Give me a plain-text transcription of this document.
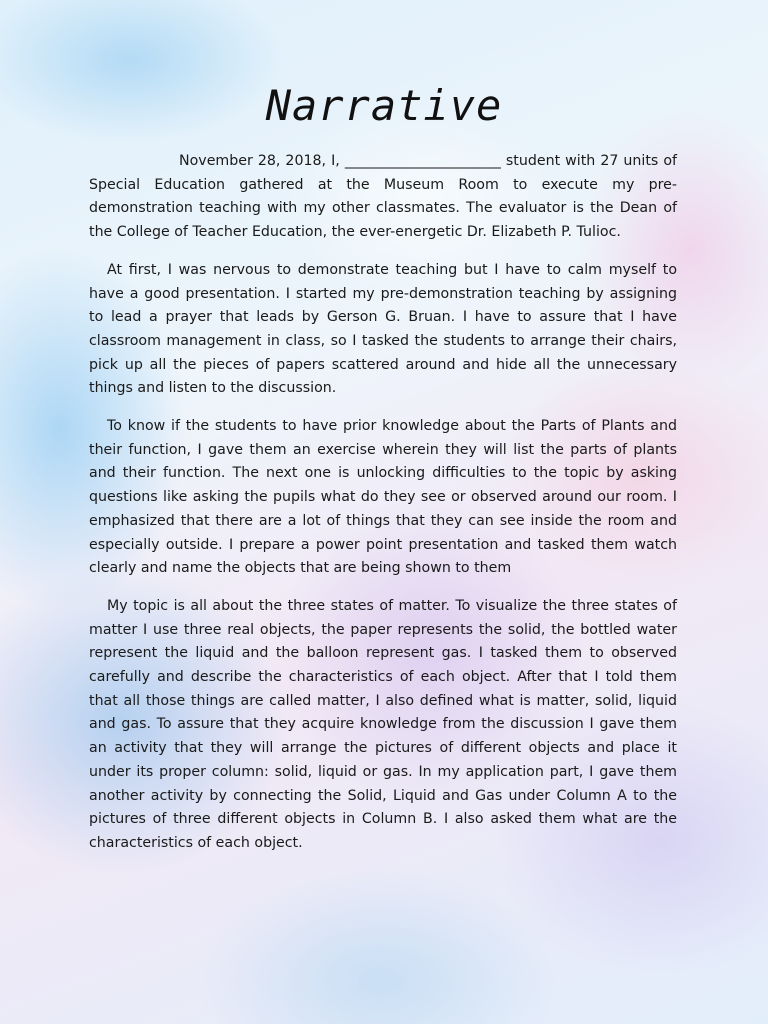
Narrative

November 28, 2018, I, ______________________ student with 27 units of Special Education gathered at the Museum Room to execute my pre-demonstration teaching with my other classmates. The evaluator is the Dean of the College of Teacher Education, the ever-energetic Dr. Elizabeth P. Tulioc.

At first, I was nervous to demonstrate teaching but I have to calm myself to have a good presentation. I started my pre-demonstration teaching by assigning to lead a prayer that leads by Gerson G. Bruan. I have to assure that I have classroom management in class, so I tasked the students to arrange their chairs, pick up all the pieces of papers scattered around and hide all the unnecessary things and listen to the discussion.

To know if the students to have prior knowledge about the Parts of Plants and their function, I gave them an exercise wherein they will list the parts of plants and their function. The next one is unlocking difficulties to the topic by asking questions like asking the pupils what do they see or observed around our room. I emphasized that there are a lot of things that they can see inside the room and especially outside. I prepare a power point presentation and tasked them watch clearly and name the objects that are being shown to them

My topic is all about the three states of matter. To visualize the three states of matter I use three real objects, the paper represents the solid, the bottled water represent the liquid and the balloon represent gas. I tasked them to observed carefully and describe the characteristics of each object. After that I told them that all those things are called matter, I also defined what is matter, solid, liquid and gas. To assure that they acquire knowledge from the discussion I gave them an activity that they will arrange the pictures of different objects and place it under its proper column: solid, liquid or gas. In my application part, I gave them another activity by connecting the Solid, Liquid and Gas under Column A to the pictures of three different objects in Column B. I also asked them what are the characteristics of each object.
